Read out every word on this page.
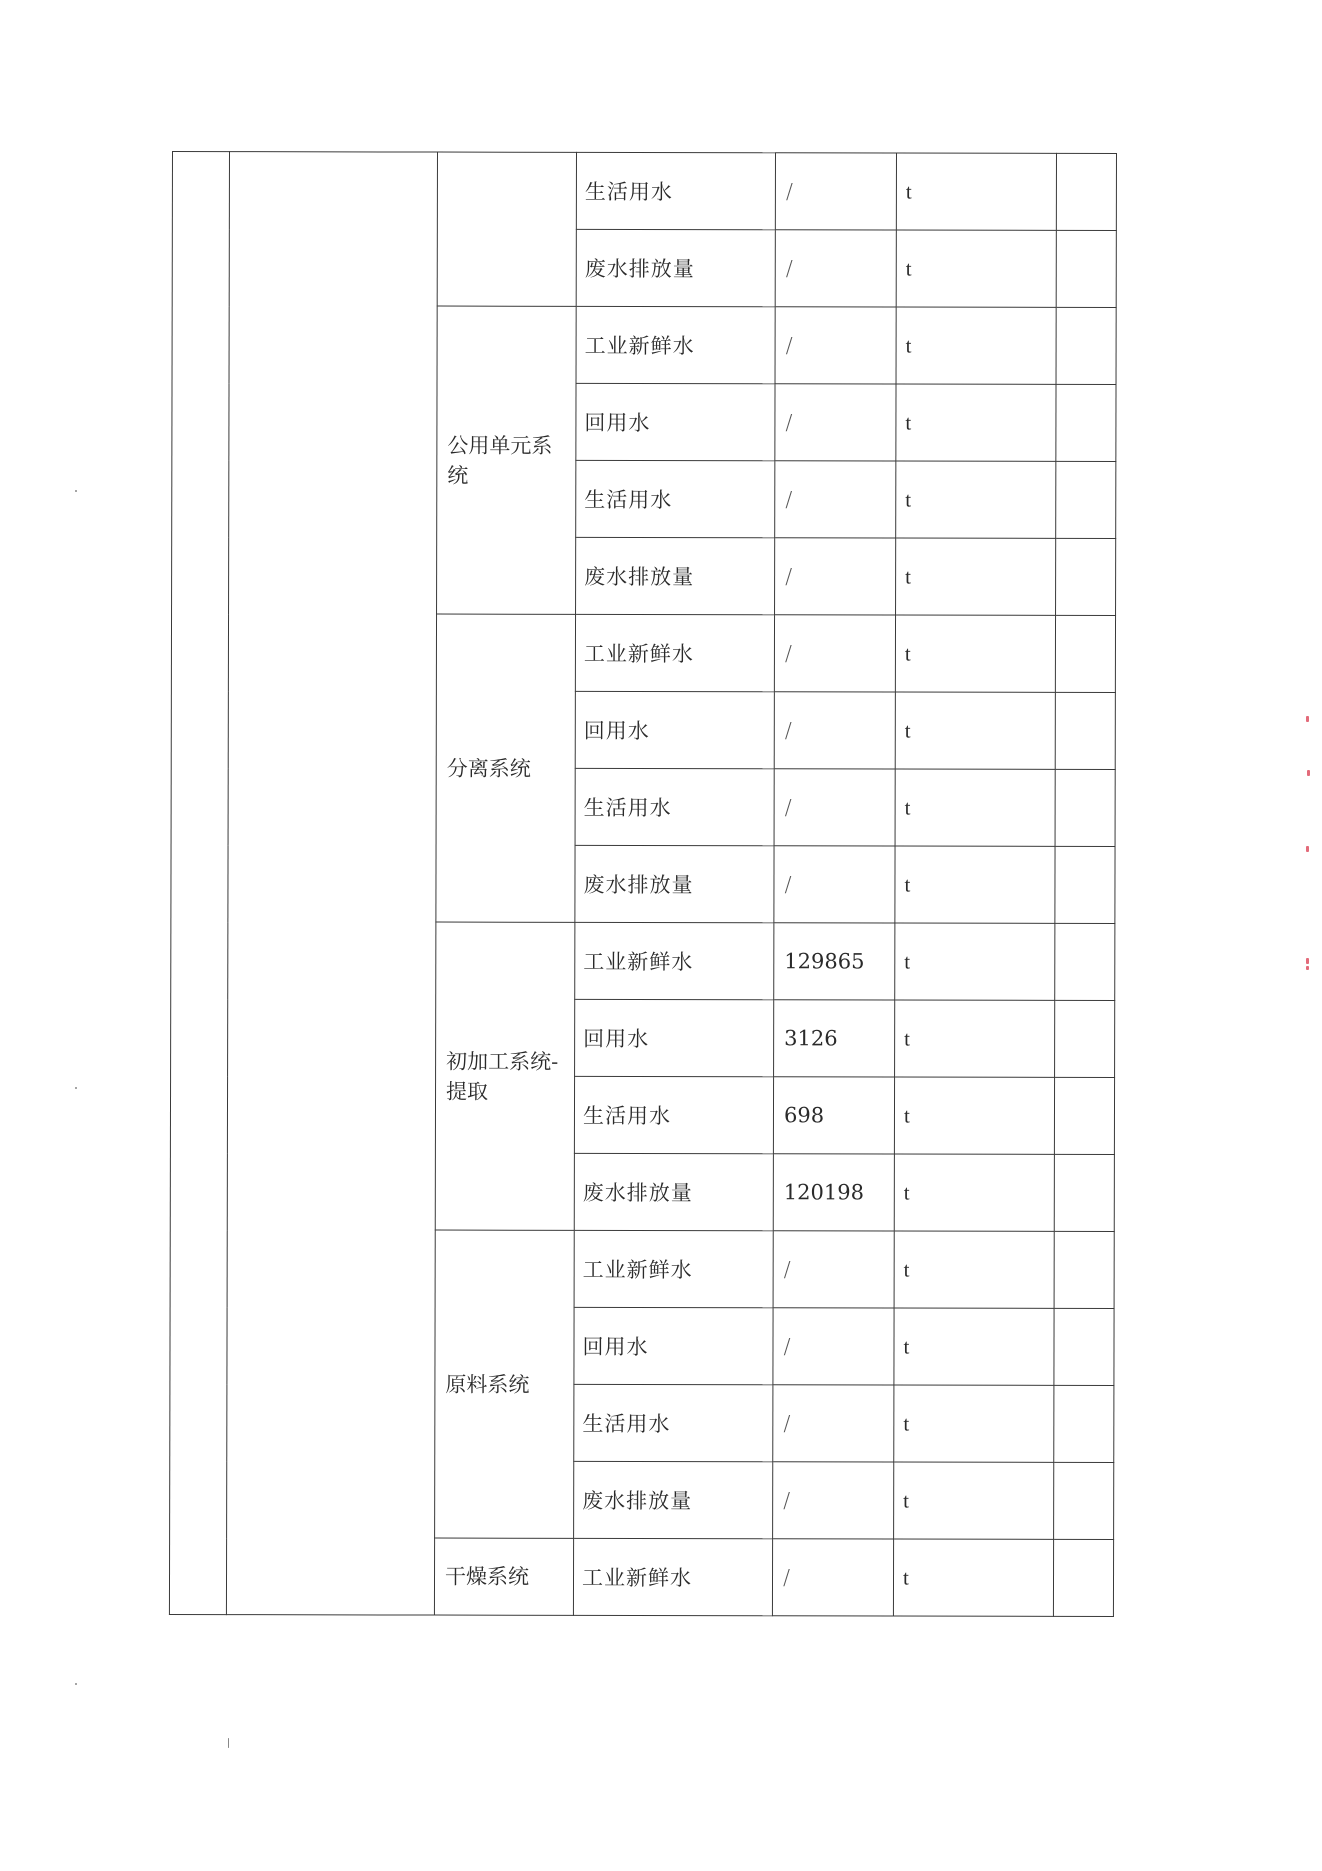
			生活用水	/	t	
			废水排放量	/	t	
		公用单元系统	工业新鲜水	/	t	
			回用水	/	t	
			生活用水	/	t	
			废水排放量	/	t	
		分离系统	工业新鲜水	/	t	
			回用水	/	t	
			生活用水	/	t	
			废水排放量	/	t	
		初加工系统-提取	工业新鲜水	129865	t	
			回用水	3126	t	
			生活用水	698	t	
			废水排放量	120198	t	
		原料系统	工业新鲜水	/	t	
			回用水	/	t	
			生活用水	/	t	
			废水排放量	/	t	
		干燥系统	工业新鲜水	/	t	
